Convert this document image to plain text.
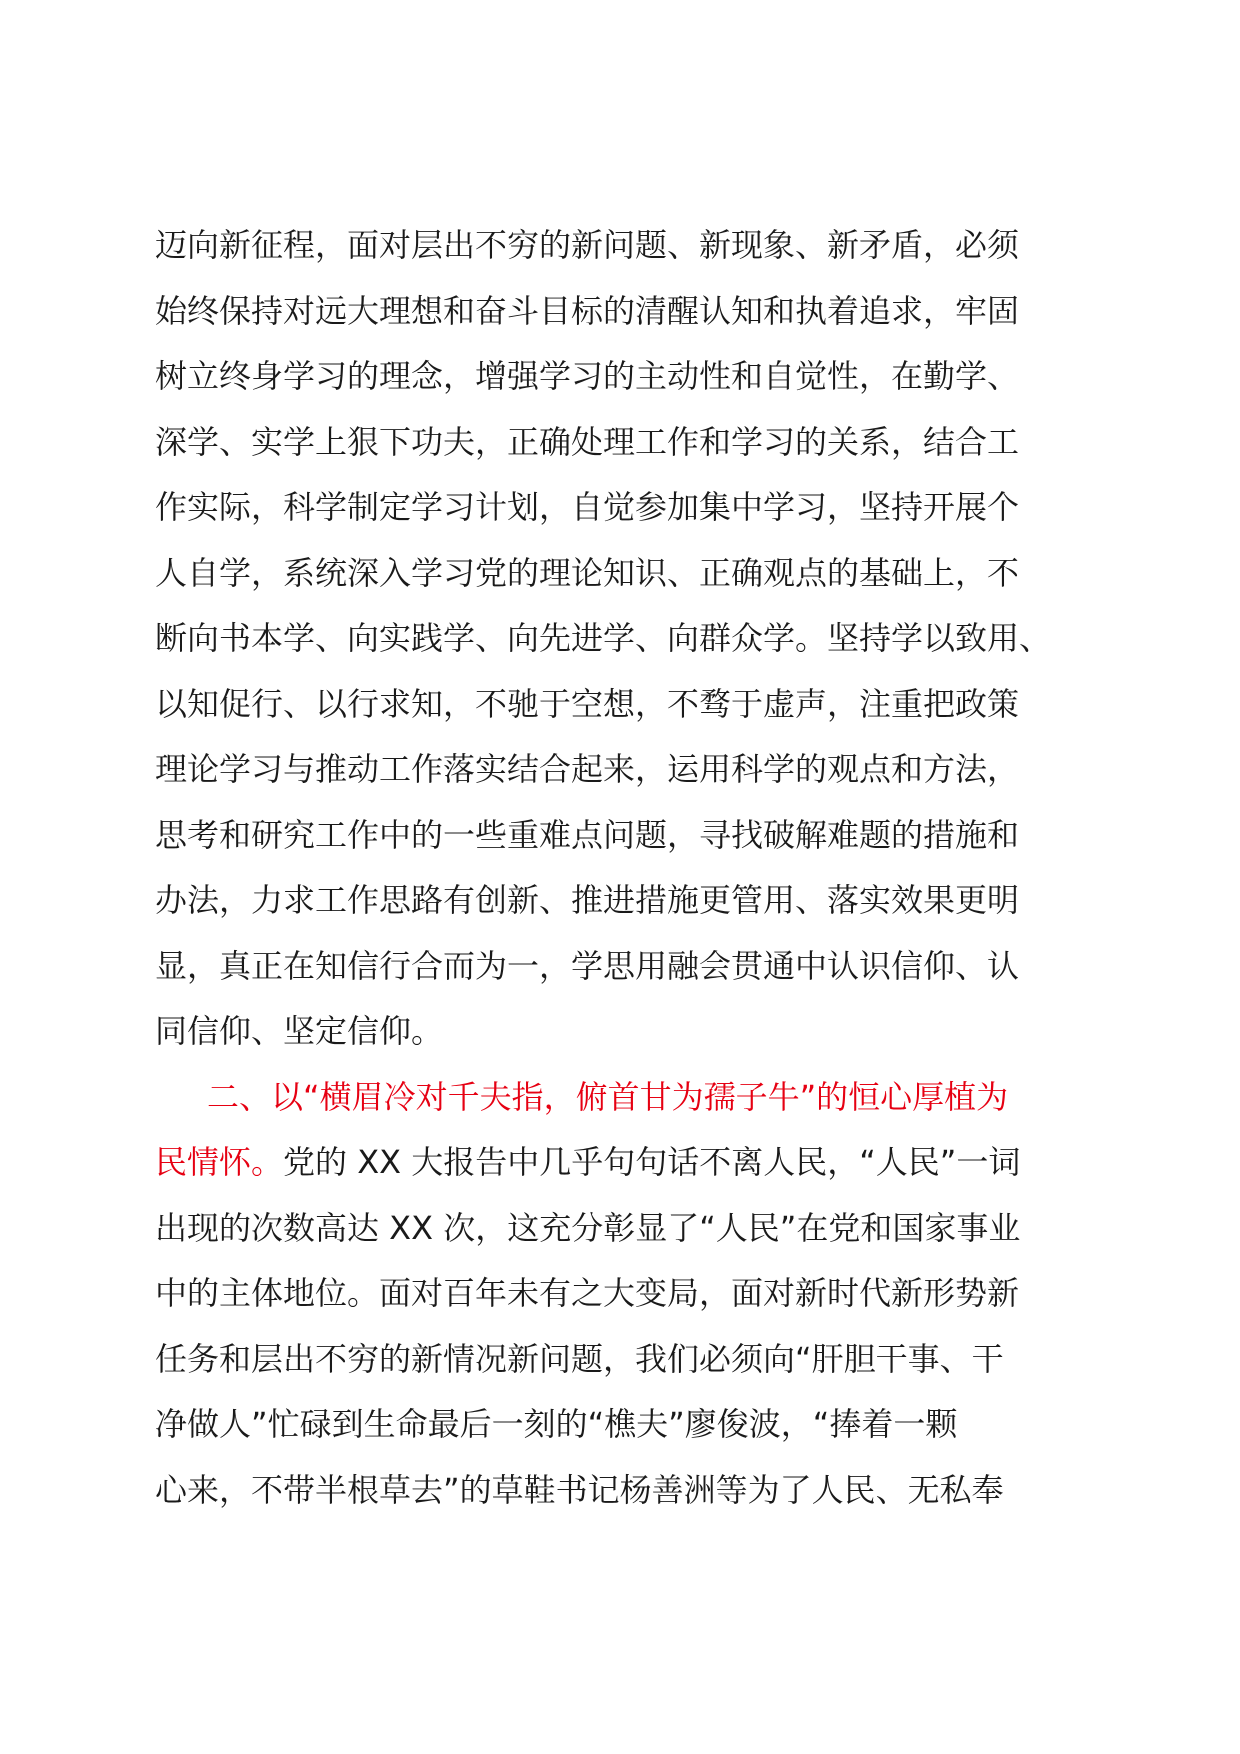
迈向新征程，面对层出不穷的新问题、新现象、新矛盾，必须
始终保持对远大理想和奋斗目标的清醒认知和执着追求，牢固
树立终身学习的理念，增强学习的主动性和自觉性，在勤学、
深学、实学上狠下功夫，正确处理工作和学习的关系，结合工
作实际，科学制定学习计划，自觉参加集中学习，坚持开展个
人自学，系统深入学习党的理论知识、正确观点的基础上，不
断向书本学、向实践学、向先进学、向群众学。坚持学以致用、
以知促行、以行求知，不驰于空想，不骛于虚声，注重把政策
理论学习与推动工作落实结合起来，运用科学的观点和方法，
思考和研究工作中的一些重难点问题，寻找破解难题的措施和
办法，力求工作思路有创新、推进措施更管用、落实效果更明
显，真正在知信行合而为一，学思用融会贯通中认识信仰、认
同信仰、坚定信仰。
二、以“横眉冷对千夫指，俯首甘为孺子牛”的恒心厚植为
民情怀。党的 XX 大报告中几乎句句话不离人民，“人民”一词
出现的次数高达 XX 次，这充分彰显了“人民”在党和国家事业
中的主体地位。面对百年未有之大变局，面对新时代新形势新
任务和层出不穷的新情况新问题，我们必须向“肝胆干事、干
净做人”忙碌到生命最后一刻的“樵夫”廖俊波，“捧着一颗
心来，不带半根草去”的草鞋书记杨善洲等为了人民、无私奉
